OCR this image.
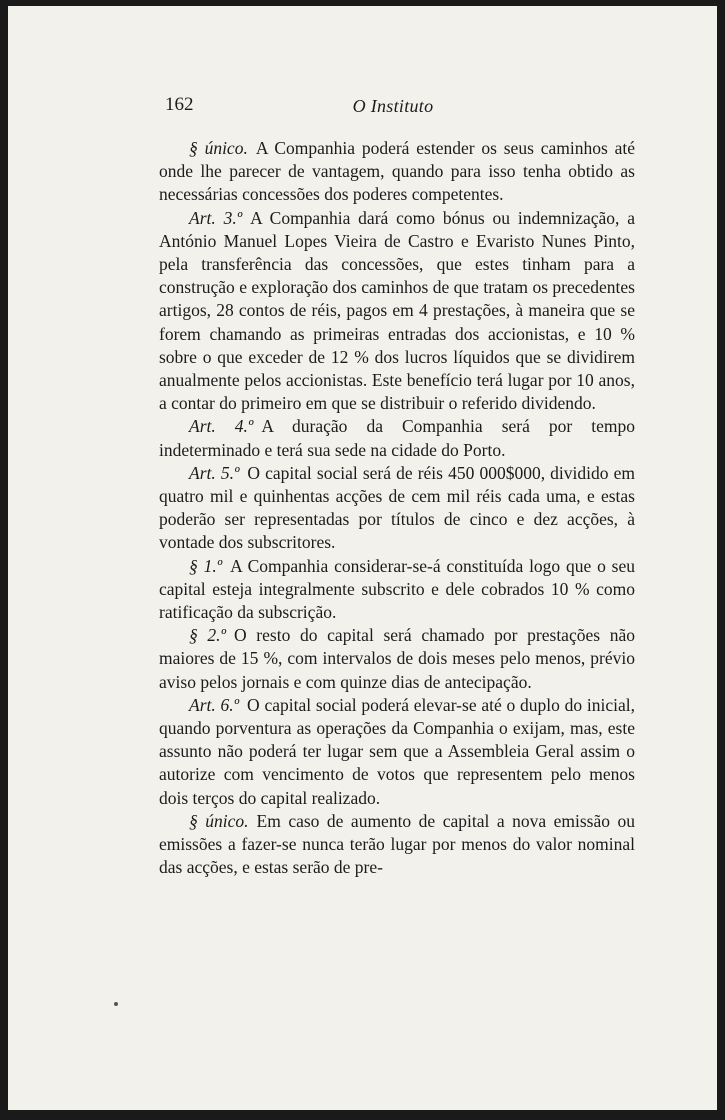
162	O Instituto

§ único. A Companhia poderá estender os seus caminhos até onde lhe parecer de vantagem, quando para isso tenha obtido as necessárias concessões dos poderes competentes.

Art. 3.º A Companhia dará como bónus ou indemnização, a António Manuel Lopes Vieira de Castro e Evaristo Nunes Pinto, pela transferência das concessões, que estes tinham para a construção e exploração dos caminhos de que tratam os precedentes artigos, 28 contos de réis, pagos em 4 prestações, à maneira que se forem chamando as primeiras entradas dos accionistas, e 10 % sobre o que exceder de 12 % dos lucros líquidos que se dividirem anualmente pelos accionistas. Este benefício terá lugar por 10 anos, a contar do primeiro em que se distribuir o referido dividendo.

Art. 4.º A duração da Companhia será por tempo indeterminado e terá sua sede na cidade do Porto.

Art. 5.º O capital social será de réis 450 000$000, dividido em quatro mil e quinhentas acções de cem mil réis cada uma, e estas poderão ser representadas por títulos de cinco e dez acções, à vontade dos subscritores.

§ 1.º A Companhia considerar-se-á constituída logo que o seu capital esteja integralmente subscrito e dele cobrados 10 % como ratificação da subscrição.

§ 2.º O resto do capital será chamado por prestações não maiores de 15 %, com intervalos de dois meses pelo menos, prévio aviso pelos jornais e com quinze dias de antecipação.

Art. 6.º O capital social poderá elevar-se até o duplo do inicial, quando porventura as operações da Companhia o exijam, mas, este assunto não poderá ter lugar sem que a Assembleia Geral assim o autorize com vencimento de votos que representem pelo menos dois terços do capital realizado.

§ único. Em caso de aumento de capital a nova emissão ou emissões a fazer-se nunca terão lugar por menos do valor nominal das acções, e estas serão de pre-
